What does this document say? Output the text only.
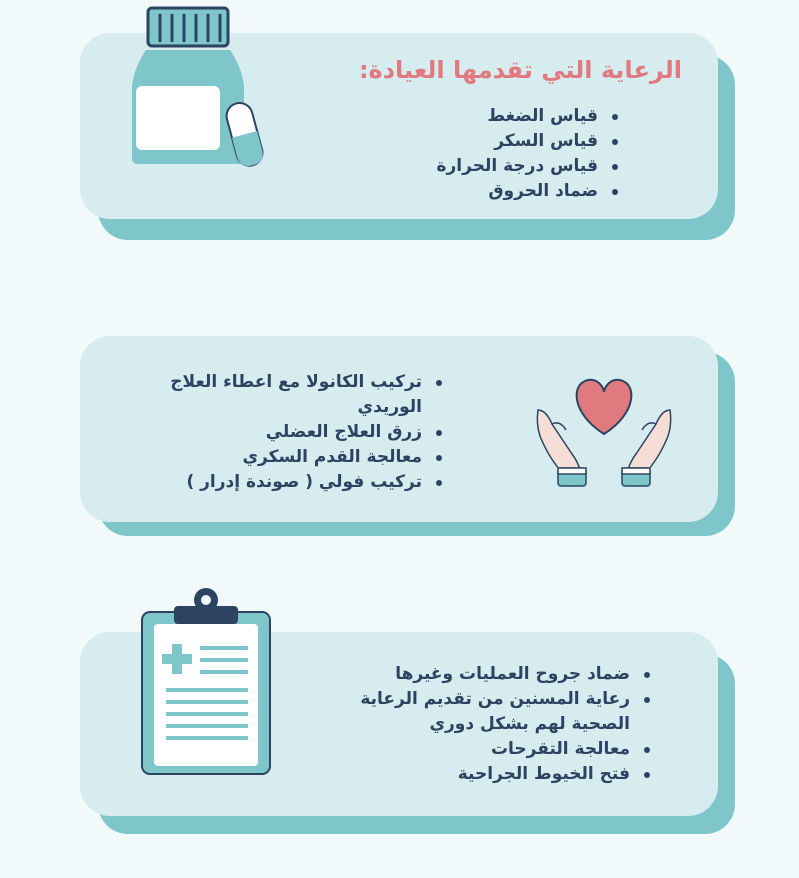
الرعاية التي تقدمها العيادة:

قياس الضغط
قياس السكر
قياس درجة الحرارة
ضماد الحروق
تركيب الكانولا مع اعطاء العلاج الوريدي
زرق العلاج العضلي
معالجة القدم السكري
تركيب فولي ( صوندة إدرار )
ضماد جروح العمليات وغيرها
رعاية المسنين من تقديم الرعاية الصحية لهم بشكل دوري
معالجة التقرحات
فتح الخيوط الجراحية
